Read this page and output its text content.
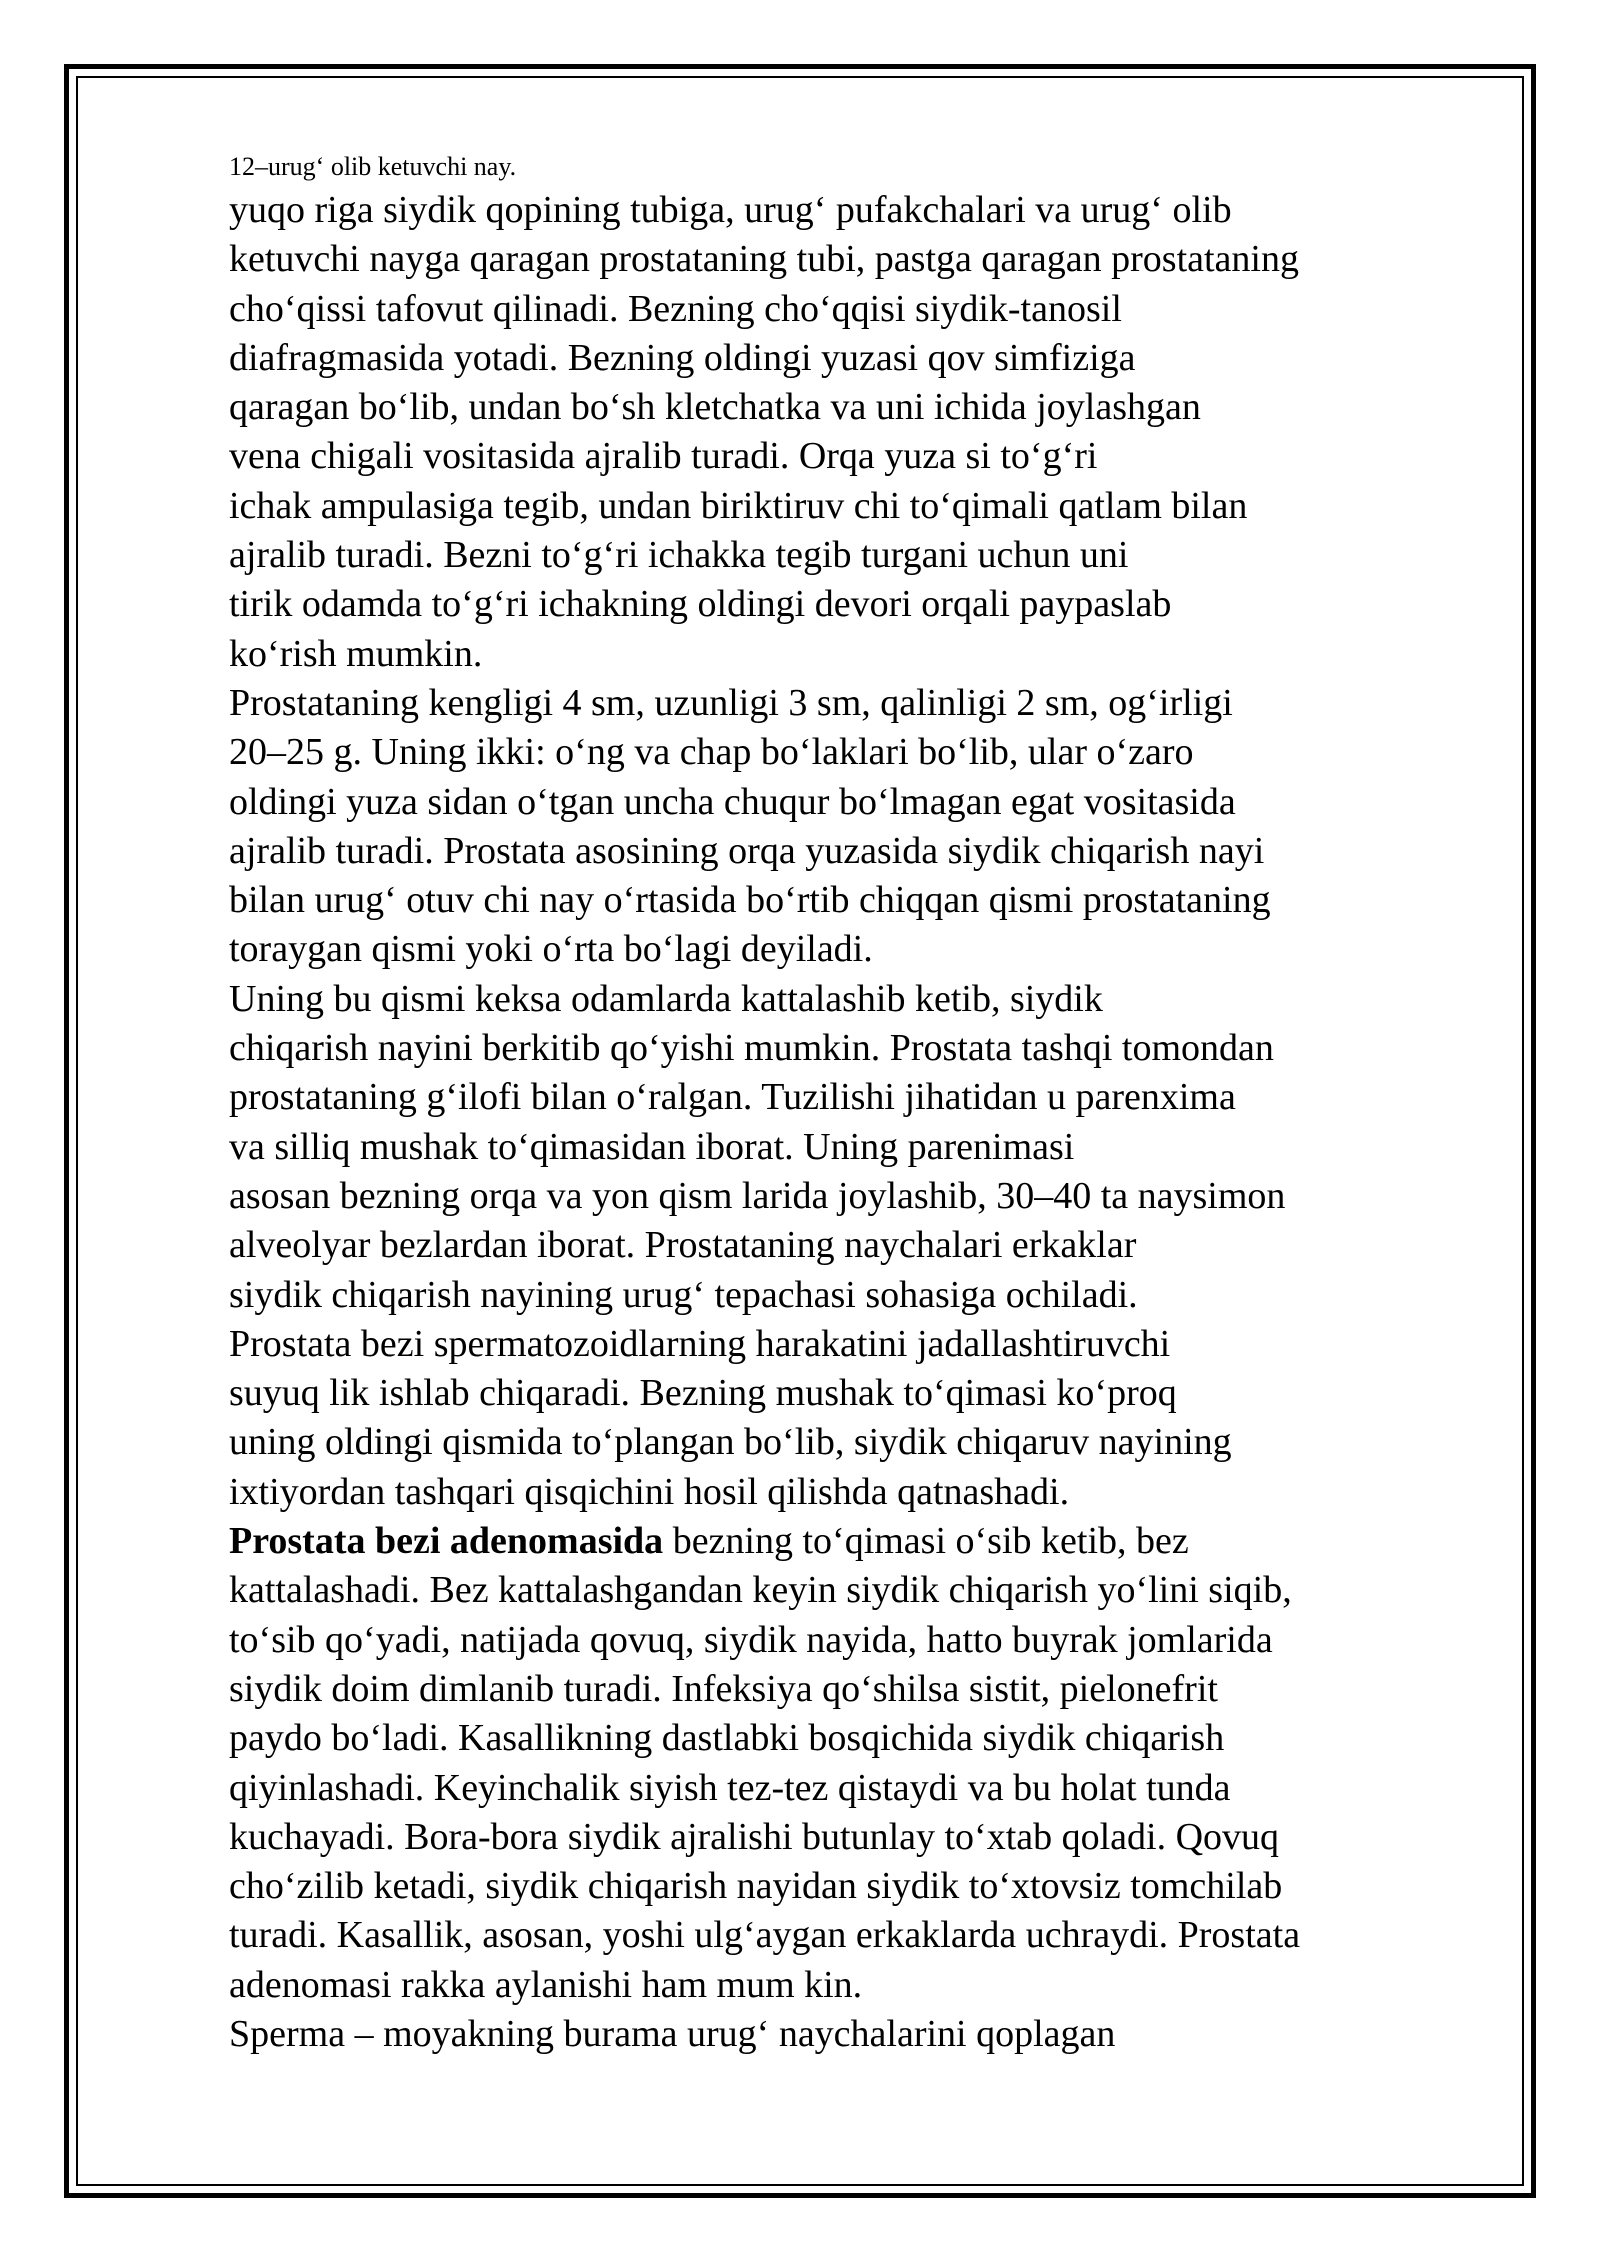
12–urug‘ olib ketuvchi nay.

yuqo riga siydik qopining tubiga, urug‘ pufakchalari va urug‘ olib

ketuvchi nayga qaragan prostataning tubi, pastga qaragan prostataning

cho‘qissi tafovut qilinadi. Bezning cho‘qqisi siydik-tanosil

diafragmasida yotadi. Bezning oldingi yuzasi qov simfiziga

qaragan bo‘lib, undan bo‘sh kletchatka va uni ichida joylashgan

vena chigali vositasida ajralib turadi. Orqa yuza si to‘g‘ri

ichak ampulasiga tegib, undan biriktiruv chi to‘qimali qatlam bilan

ajralib turadi. Bezni to‘g‘ri ichakka tegib turgani uchun uni

tirik odamda to‘g‘ri ichakning oldingi devori orqali paypaslab

ko‘rish mumkin.

Prostataning kengligi 4 sm, uzunligi 3 sm, qalinligi 2 sm, og‘irligi

20–25 g. Uning ikki: o‘ng va chap bo‘laklari bo‘lib, ular o‘zaro

oldingi yuza sidan o‘tgan uncha chuqur bo‘lmagan egat vositasida

ajralib turadi. Prostata asosining orqa yuzasida siydik chiqarish nayi

bilan urug‘ otuv chi nay o‘rtasida bo‘rtib chiqqan qismi prostataning

toraygan qismi yoki o‘rta bo‘lagi deyiladi.

Uning bu qismi keksa odamlarda kattalashib ketib, siydik

chiqarish nayini berkitib qo‘yishi mumkin. Prostata tashqi tomondan

prostataning g‘ilofi bilan o‘ralgan. Tuzilishi jihatidan u parenxima

va silliq mushak to‘qimasidan iborat. Uning parenimasi

asosan bezning orqa va yon qism larida joylashib, 30–40 ta naysimon

alveolyar bezlardan iborat. Prostataning naychalari erkaklar

siydik chiqarish nayining urug‘ tepachasi sohasiga ochiladi.

Prostata bezi spermatozoidlarning harakatini jadallashtiruvchi

suyuq lik ishlab chiqaradi. Bezning mushak to‘qimasi ko‘proq

uning oldingi qismida to‘plangan bo‘lib, siydik chiqaruv nayining

ixtiyordan tashqari qisqichini hosil qilishda qatnashadi.

Prostata bezi adenomasida bezning to‘qimasi o‘sib ketib, bez

kattalashadi. Bez kattalashgandan keyin siydik chiqarish yo‘lini siqib,

to‘sib qo‘yadi, natijada qovuq, siydik nayida, hatto buyrak jomlarida

siydik doim dimlanib turadi. Infeksiya qo‘shilsa sistit, pielonefrit

paydo bo‘ladi. Kasallikning dastlabki bosqichida siydik chiqarish

qiyinlashadi. Keyinchalik siyish tez-tez qistaydi va bu holat tunda

kuchayadi. Bora-bora siydik ajralishi butunlay to‘xtab qoladi. Qovuq

cho‘zilib ketadi, siydik chiqarish nayidan siydik to‘xtovsiz tomchilab

turadi. Kasallik, asosan, yoshi ulg‘aygan erkaklarda uchraydi. Prostata

adenomasi rakka aylanishi ham mum kin.

Sperma – moyakning burama urug‘ naychalarini qoplagan
